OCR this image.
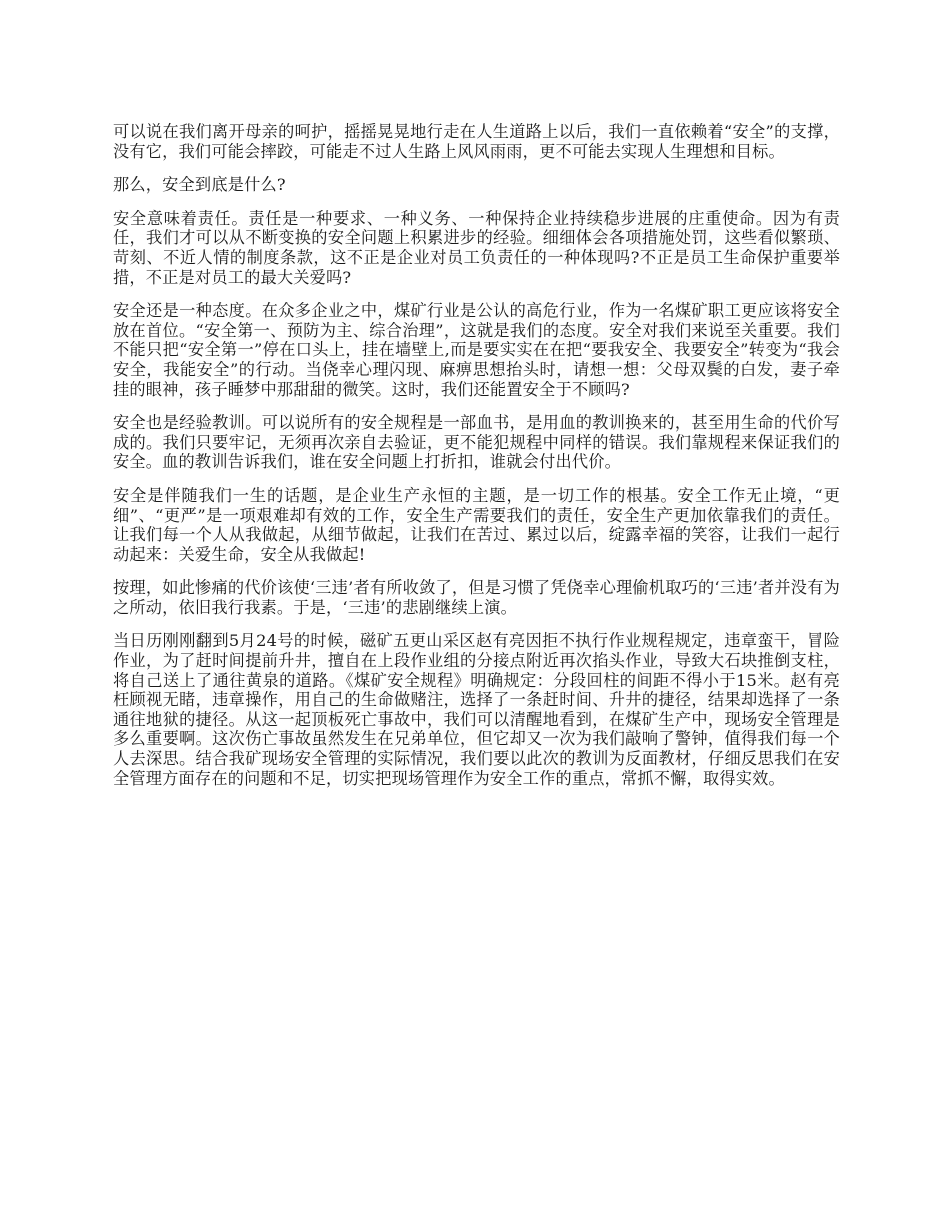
可以说在我们离开母亲的呵护，摇摇晃晃地行走在人生道路上以后，我们一直依赖着“安全”的支撑，没有它，我们可能会摔跤，可能走不过人生路上风风雨雨，更不可能去实现人生理想和目标。

那么，安全到底是什么?

安全意味着责任。责任是一种要求、一种义务、一种保持企业持续稳步进展的庄重使命。因为有责任，我们才可以从不断变换的安全问题上积累进步的经验。细细体会各项措施处罚，这些看似繁琐、苛刻、不近人情的制度条款，这不正是企业对员工负责任的一种体现吗?不正是员工生命保护重要举措，不正是对员工的最大关爱吗?

安全还是一种态度。在众多企业之中，煤矿行业是公认的高危行业，作为一名煤矿职工更应该将安全放在首位。“安全第一、预防为主、综合治理”，这就是我们的态度。安全对我们来说至关重要。我们不能只把“安全第一”停在口头上，挂在墙壁上,而是要实实在在把“要我安全、我要安全”转变为“我会安全，我能安全”的行动。当侥幸心理闪现、麻痹思想抬头时，请想一想：父母双鬓的白发，妻子牵挂的眼神，孩子睡梦中那甜甜的微笑。这时，我们还能置安全于不顾吗?

安全也是经验教训。可以说所有的安全规程是一部血书，是用血的教训换来的，甚至用生命的代价写成的。我们只要牢记，无须再次亲自去验证，更不能犯规程中同样的错误。我们靠规程来保证我们的安全。血的教训告诉我们，谁在安全问题上打折扣，谁就会付出代价。

安全是伴随我们一生的话题，是企业生产永恒的主题，是一切工作的根基。安全工作无止境，“更细”、“更严”是一项艰难却有效的工作，安全生产需要我们的责任，安全生产更加依靠我们的责任。让我们每一个人从我做起，从细节做起，让我们在苦过、累过以后，绽露幸福的笑容，让我们一起行动起来：关爱生命，安全从我做起!

按理，如此惨痛的代价该使‘三违’者有所收敛了，但是习惯了凭侥幸心理偷机取巧的‘三违’者并没有为之所动，依旧我行我素。于是，‘三违’的悲剧继续上演。

当日历刚刚翻到5月24号的时候，磁矿五更山采区赵有亮因拒不执行作业规程规定，违章蛮干，冒险作业，为了赶时间提前升井，擅自在上段作业组的分接点附近再次掐头作业，导致大石块推倒支柱，将自己送上了通往黄泉的道路。《煤矿安全规程》明确规定：分段回柱的间距不得小于15米。赵有亮枉顾视无睹，违章操作，用自己的生命做赌注，选择了一条赶时间、升井的捷径，结果却选择了一条通往地狱的捷径。从这一起顶板死亡事故中，我们可以清醒地看到，在煤矿生产中，现场安全管理是多么重要啊。这次伤亡事故虽然发生在兄弟单位，但它却又一次为我们敲响了警钟，值得我们每一个人去深思。结合我矿现场安全管理的实际情况，我们要以此次的教训为反面教材，仔细反思我们在安全管理方面存在的问题和不足，切实把现场管理作为安全工作的重点，常抓不懈，取得实效。
